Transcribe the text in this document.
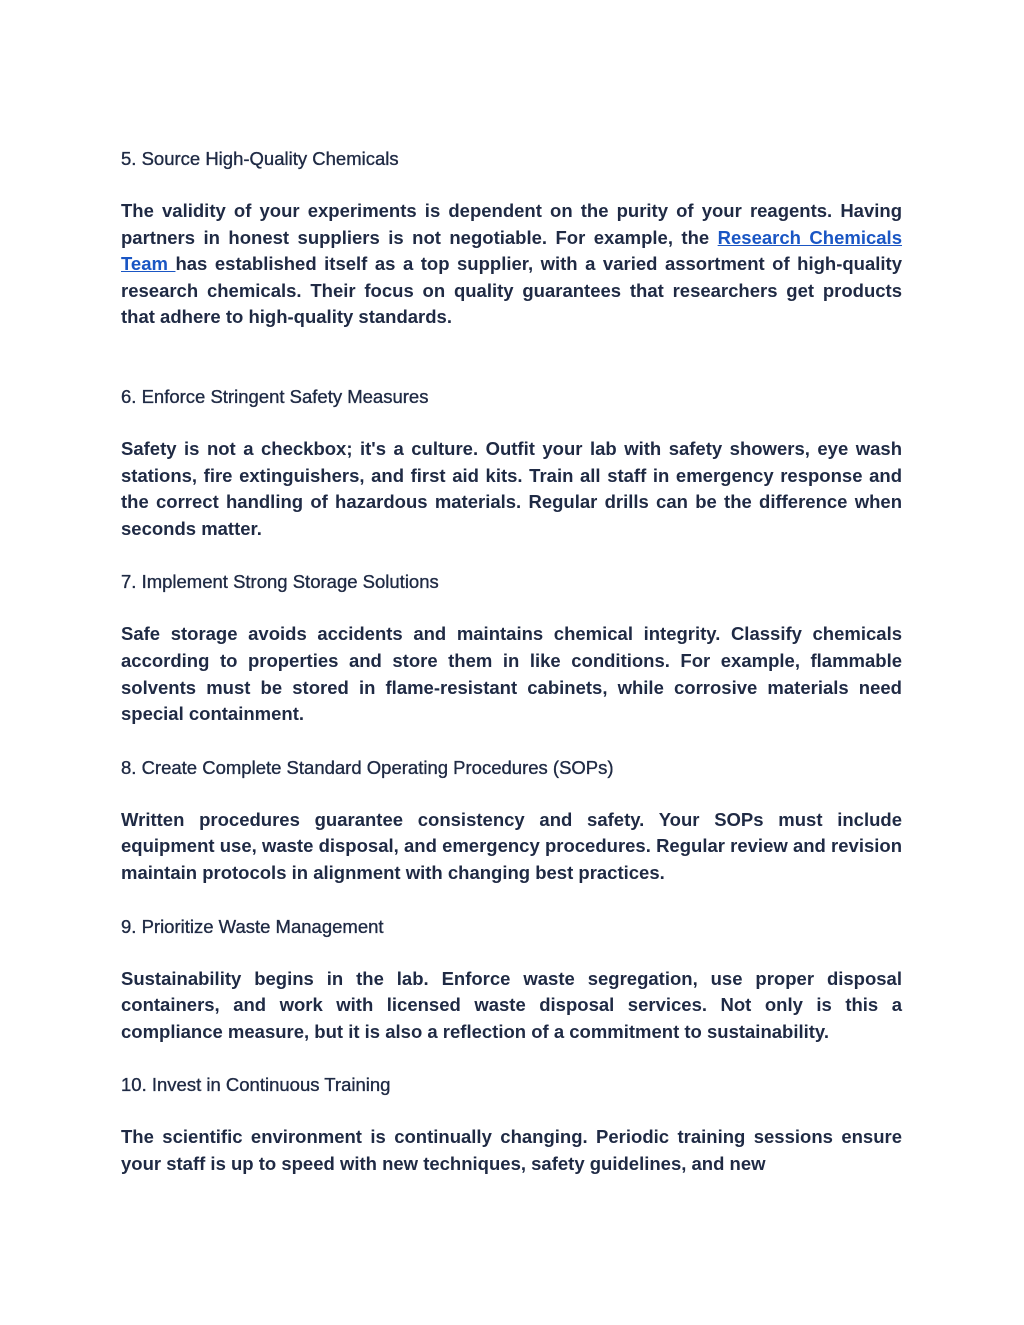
5. Source High-Quality Chemicals

The validity of your experiments is dependent on the purity of your reagents. Having partners in honest suppliers is not negotiable. For example, the Research Chemicals Team has established itself as a top supplier, with a varied assortment of high-quality research chemicals. Their focus on quality guarantees that researchers get products that adhere to high-quality standards.

6. Enforce Stringent Safety Measures

Safety is not a checkbox; it's a culture. Outfit your lab with safety showers, eye wash stations, fire extinguishers, and first aid kits. Train all staff in emergency response and the correct handling of hazardous materials. Regular drills can be the difference when seconds matter.

7. Implement Strong Storage Solutions

Safe storage avoids accidents and maintains chemical integrity. Classify chemicals according to properties and store them in like conditions. For example, flammable solvents must be stored in flame-resistant cabinets, while corrosive materials need special containment.

8. Create Complete Standard Operating Procedures (SOPs)

Written procedures guarantee consistency and safety. Your SOPs must include equipment use, waste disposal, and emergency procedures. Regular review and revision maintain protocols in alignment with changing best practices.

9. Prioritize Waste Management

Sustainability begins in the lab. Enforce waste segregation, use proper disposal containers, and work with licensed waste disposal services. Not only is this a compliance measure, but it is also a reflection of a commitment to sustainability.

10. Invest in Continuous Training

The scientific environment is continually changing. Periodic training sessions ensure your staff is up to speed with new techniques, safety guidelines, and new
